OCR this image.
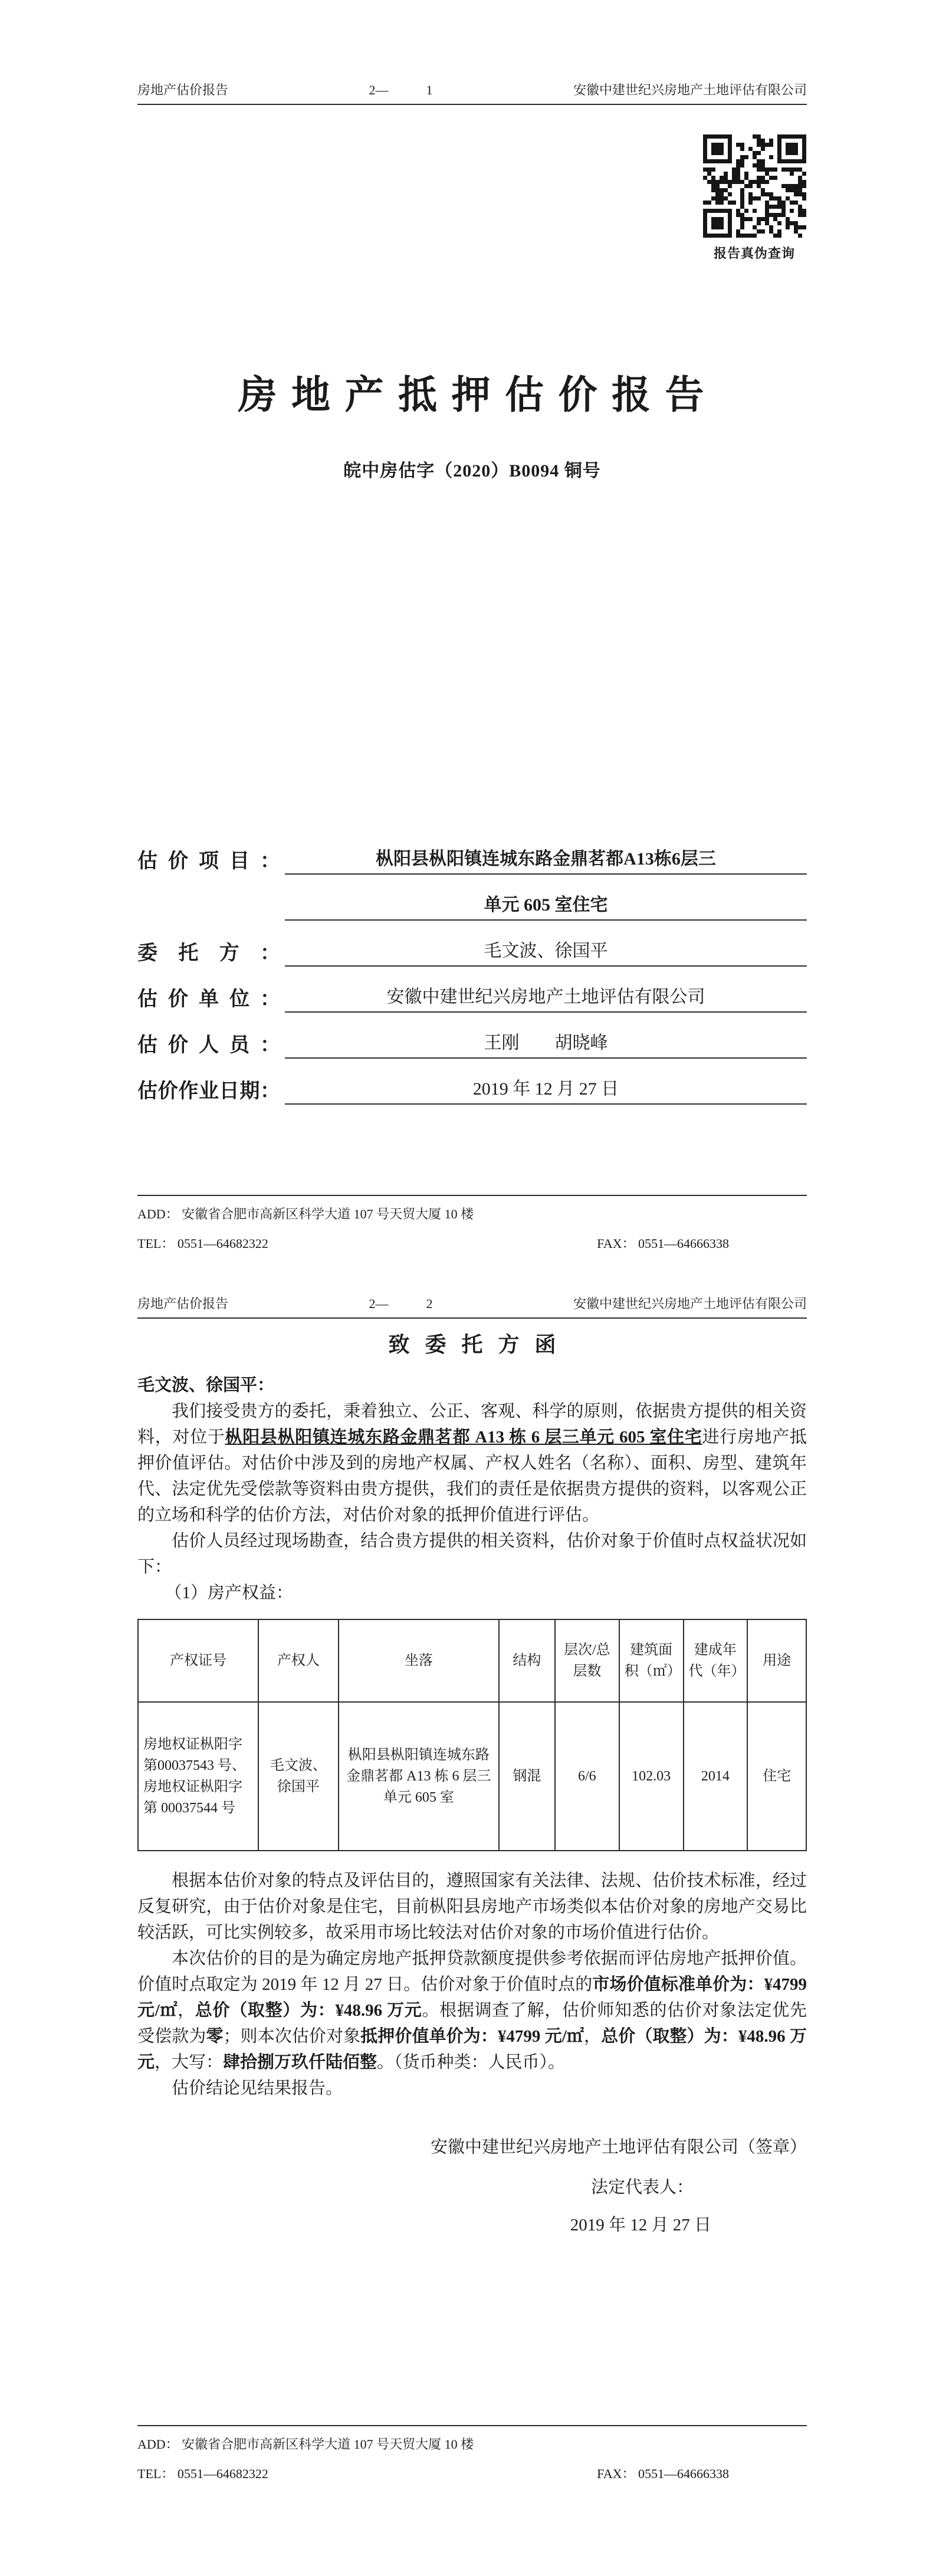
房地产估价报告	2—	1	安徽中建世纪兴房地产土地评估有限公司
报告真伪查询
房 地 产 抵 押 估 价 报 告
皖中房估字（2020）B0094 铜号
估价项目：	枞阳县枞阳镇连城东路金鼎茗都A13栋6层三
单元 605 室住宅
委托方：	毛文波、徐国平
估价单位：	安徽中建世纪兴房地产土地评估有限公司
估价人员：	王刚　　胡晓峰
估价作业日期：	2019 年 12 月 27 日
ADD： 安徽省合肥市高新区科学大道 107 号天贸大厦 10 楼
TEL： 0551—64682322	FAX： 0551—64666338
房地产估价报告	2—	2	安徽中建世纪兴房地产土地评估有限公司
致委托方函
毛文波、徐国平：
我们接受贵方的委托，秉着独立、公正、客观、科学的原则，依据贵方提供的相关资料，对位于枞阳县枞阳镇连城东路金鼎茗都 A13 栋 6 层三单元 605 室住宅进行房地产抵押价值评估。对估价中涉及到的房地产权属、产权人姓名（名称）、面积、房型、建筑年代、法定优先受偿款等资料由贵方提供，我们的责任是依据贵方提供的资料，以客观公正的立场和科学的估价方法，对估价对象的抵押价值进行评估。
估价人员经过现场勘查，结合贵方提供的相关资料，估价对象于价值时点权益状况如下：
（1）房产权益：
产权证号	产权人	坐落	结构	层次/总层数	建筑面积（㎡）	建成年代（年）	用途
房地权证枞阳字第00037543 号、房地权证枞阳字第 00037544 号	毛文波、徐国平	枞阳县枞阳镇连城东路金鼎茗都 A13 栋 6 层三单元 605 室	钢混	6/6	102.03	2014	住宅
根据本估价对象的特点及评估目的，遵照国家有关法律、法规、估价技术标准，经过反复研究，由于估价对象是住宅，目前枞阳县房地产市场类似本估价对象的房地产交易比较活跃，可比实例较多，故采用市场比较法对估价对象的市场价值进行估价。
本次估价的目的是为确定房地产抵押贷款额度提供参考依据而评估房地产抵押价值。价值时点取定为 2019 年 12 月 27 日。估价对象于价值时点的市场价值标准单价为：¥4799 元/㎡，总价（取整）为：¥48.96 万元。根据调查了解，估价师知悉的估价对象法定优先受偿款为零；则本次估价对象抵押价值单价为：¥4799 元/㎡，总价（取整）为：¥48.96 万元，大写：肆拾捌万玖仟陆佰整。（货币种类：人民币）。
估价结论见结果报告。
安徽中建世纪兴房地产土地评估有限公司（签章）
法定代表人：
2019 年 12 月 27 日
ADD： 安徽省合肥市高新区科学大道 107 号天贸大厦 10 楼
TEL： 0551—64682322	FAX： 0551—64666338
